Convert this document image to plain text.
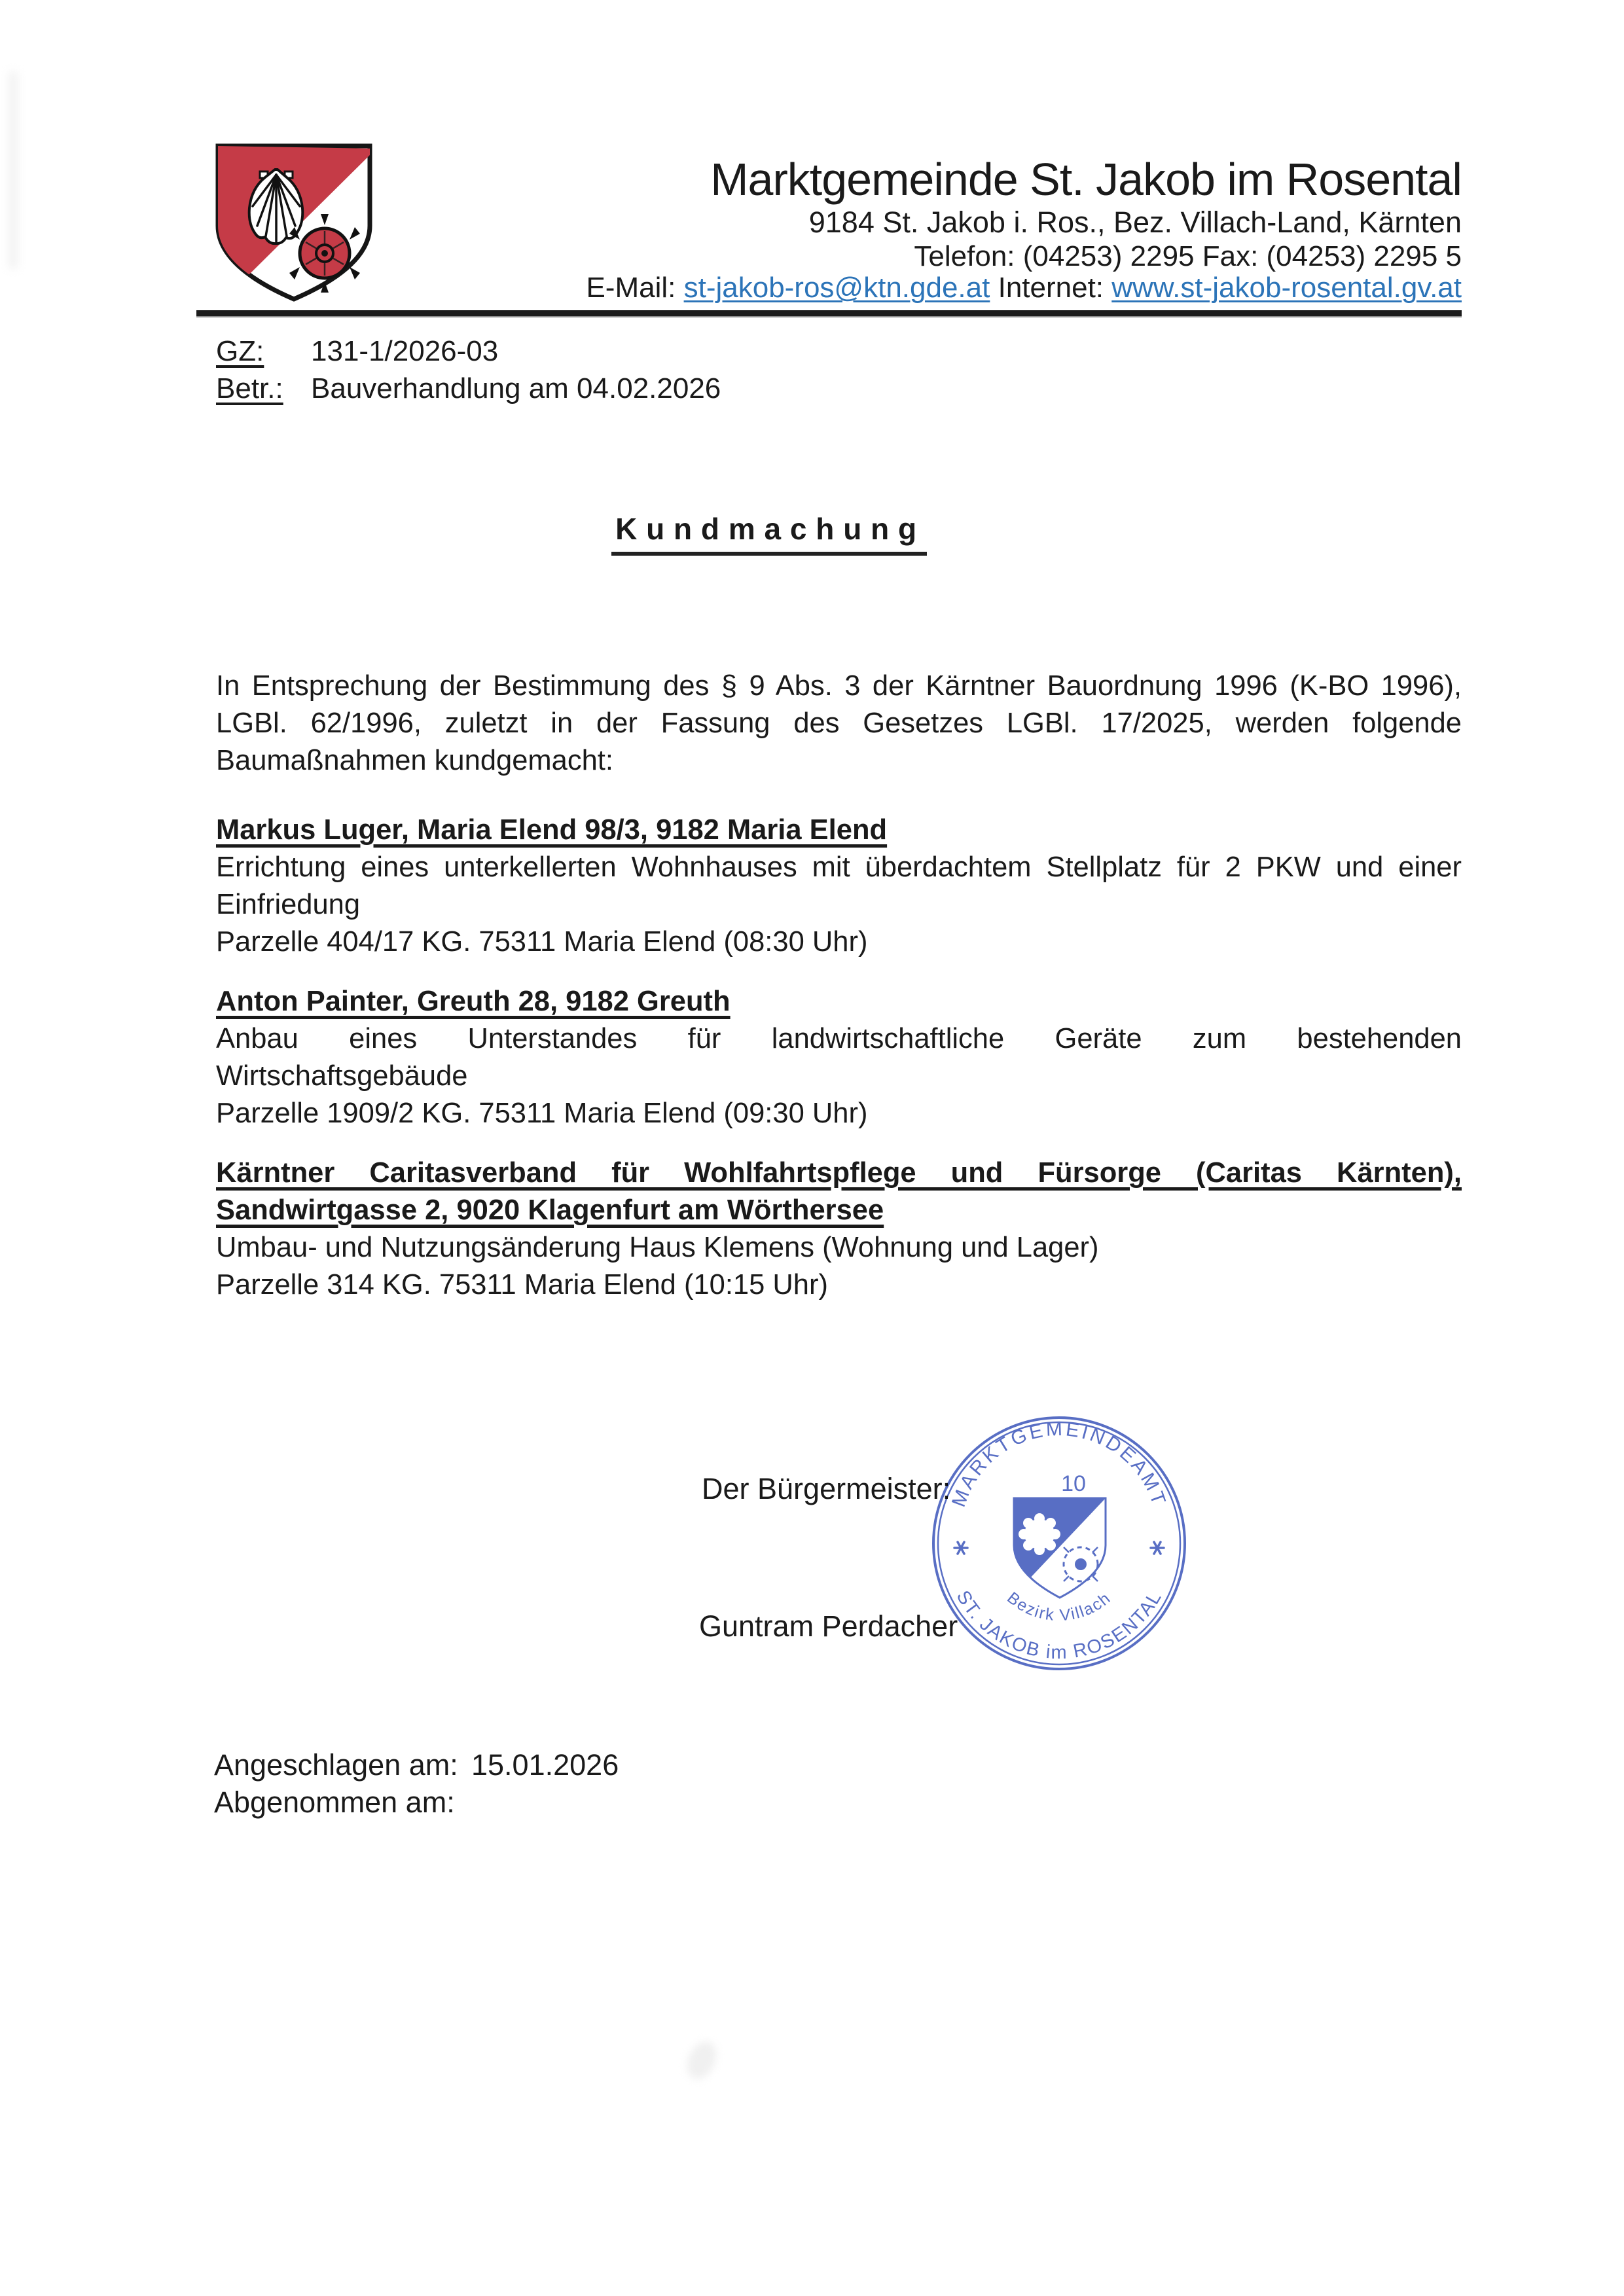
Marktgemeinde St. Jakob im Rosental
9184 St. Jakob i. Ros., Bez. Villach-Land, Kärnten
Telefon: (04253) 2295 Fax: (04253) 2295 5
E-Mail: st-jakob-ros@ktn.gde.at Internet: www.st-jakob-rosental.gv.at
GZ:	131-1/2026-03
Betr.: Bauverhandlung am 04.02.2026
Kundmachung
In Entsprechung der Bestimmung des § 9 Abs. 3 der Kärntner Bauordnung 1996 (K-BO 1996),
LGBl. 62/1996, zuletzt in der Fassung des Gesetzes LGBl. 17/2025, werden folgende
Baumaßnahmen kundgemacht:
Markus Luger, Maria Elend 98/3, 9182 Maria Elend
Errichtung eines unterkellerten Wohnhauses mit überdachtem Stellplatz für 2 PKW und einer
Einfriedung
Parzelle 404/17 KG. 75311 Maria Elend (08:30 Uhr)
Anton Painter, Greuth 28, 9182 Greuth
Anbau eines Unterstandes für landwirtschaftliche Geräte zum bestehenden
Wirtschaftsgebäude
Parzelle 1909/2 KG. 75311 Maria Elend (09:30 Uhr)
Kärntner Caritasverband für Wohlfahrtspflege und Fürsorge (Caritas Kärnten),
Sandwirtgasse 2, 9020 Klagenfurt am Wörthersee
Umbau- und Nutzungsänderung Haus Klemens (Wohnung und Lager)
Parzelle 314 KG. 75311 Maria Elend (10:15 Uhr)
Der Bürgermeister:
Guntram Perdacher
MARKTGEMEINDEAMT
ST. JAKOB im ROSENTAL
Bezirk Villach
10
Angeschlagen am: 15.01.2026
Abgenommen am:
